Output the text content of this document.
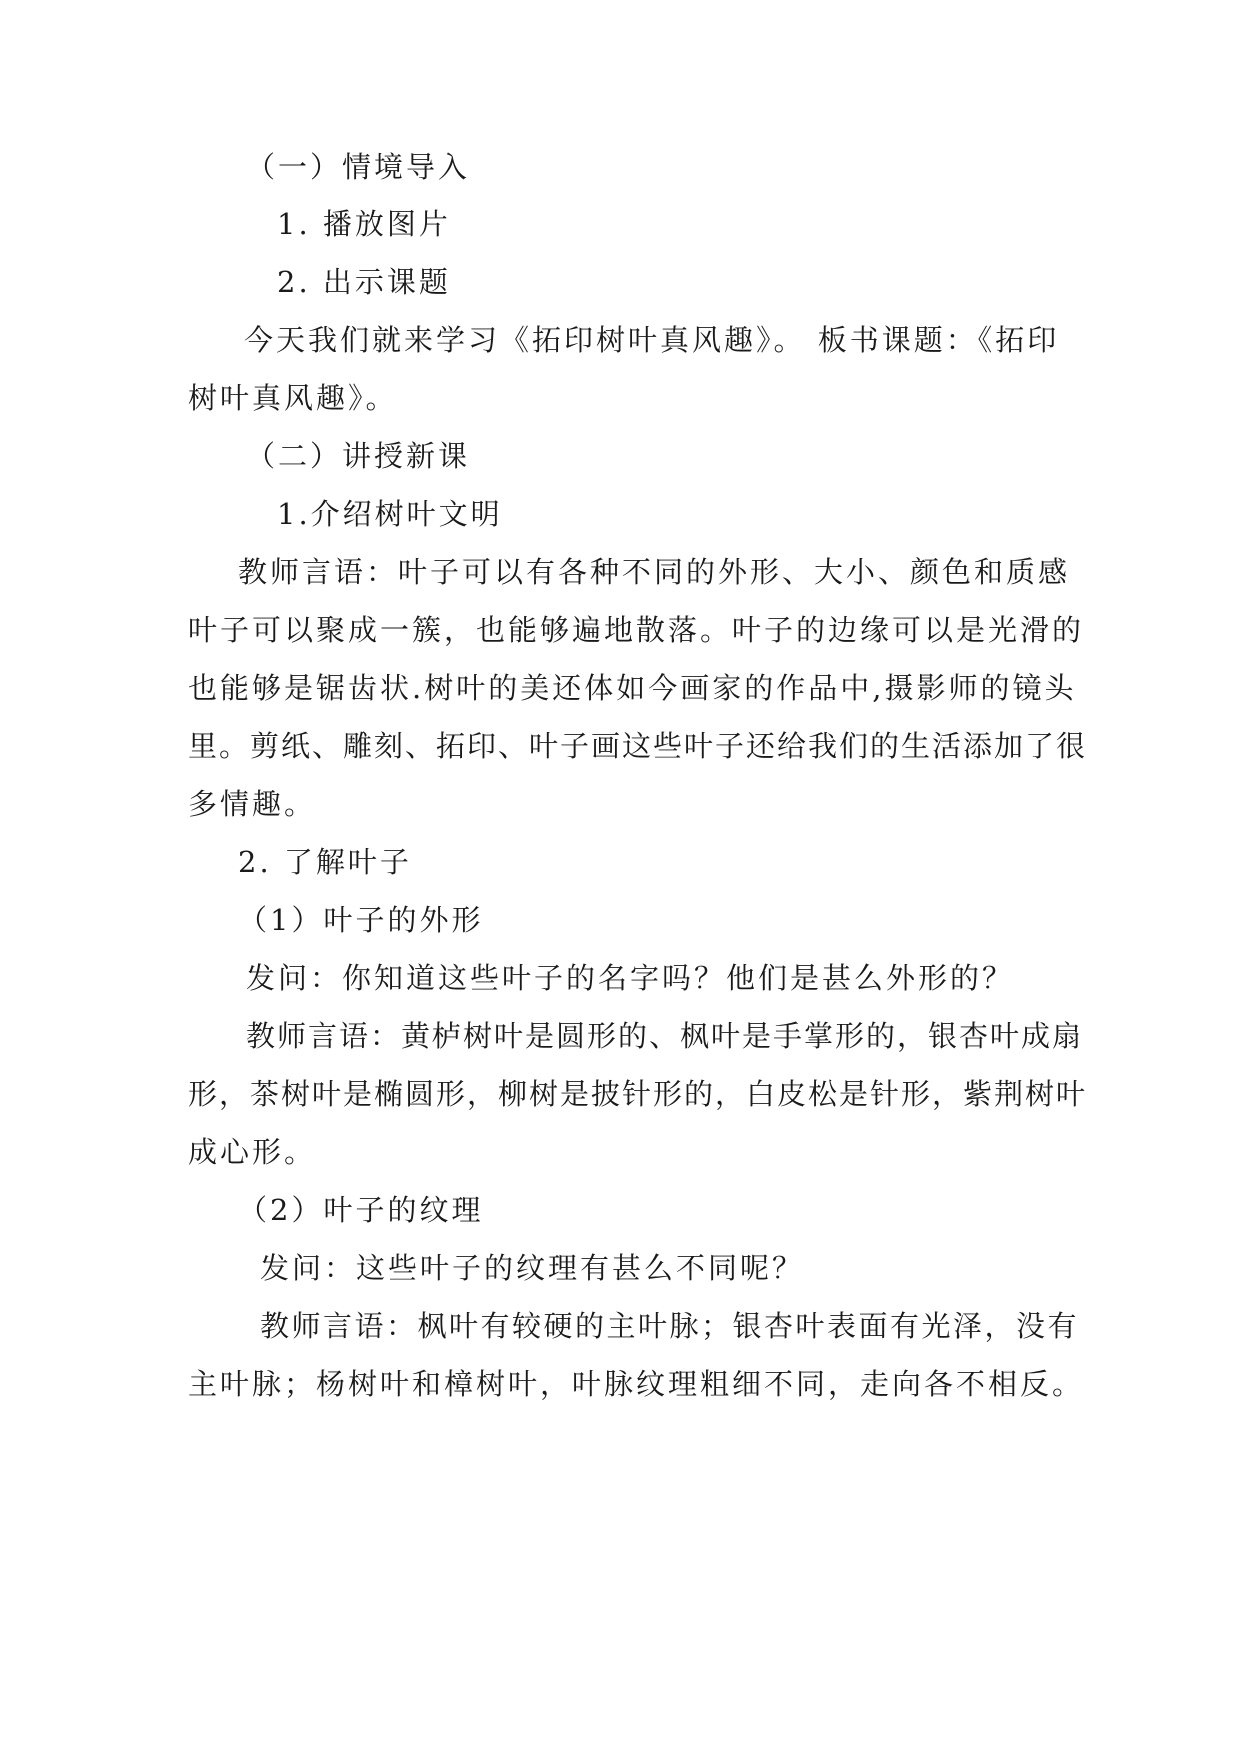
（一）情境导入
1. 播放图片
2. 出示课题
今天我们就来学习《拓印树叶真风趣》。 板书课题：《拓印
树叶真风趣》。
（二）讲授新课
1.介绍树叶文明
教师言语：叶子可以有各种不同的外形、大小、颜色和质感
叶子可以聚成一簇，也能够遍地散落。叶子的边缘可以是光滑的
也能够是锯齿状.树叶的美还体如今画家的作品中,摄影师的镜头
里。剪纸、雕刻、拓印、叶子画这些叶子还给我们的生活添加了很
多情趣。
2. 了解叶子
（1）叶子的外形
发问：你知道这些叶子的名字吗？他们是甚么外形的？
教师言语：黄栌树叶是圆形的、枫叶是手掌形的，银杏叶成扇
形，茶树叶是椭圆形，柳树是披针形的，白皮松是针形，紫荆树叶
成心形。
（2）叶子的纹理
发问：这些叶子的纹理有甚么不同呢？
教师言语：枫叶有较硬的主叶脉；银杏叶表面有光泽，没有
主叶脉；杨树叶和樟树叶，叶脉纹理粗细不同，走向各不相反。
